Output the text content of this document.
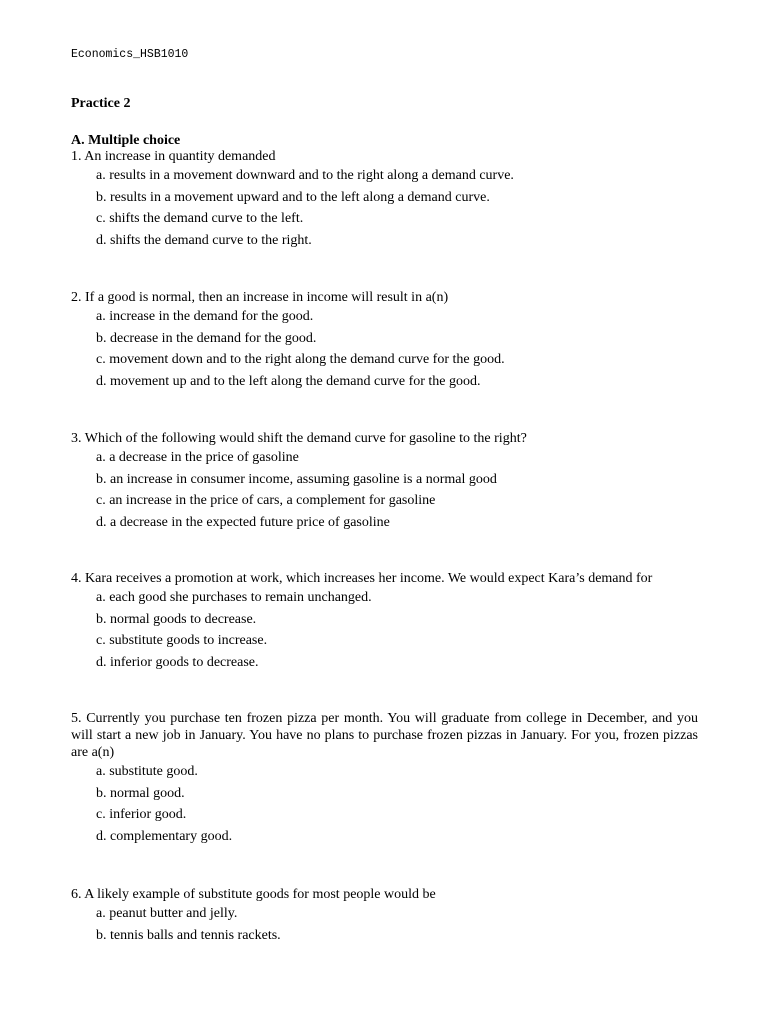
Economics_HSB1010
Practice 2
A. Multiple choice
1. An increase in quantity demanded
a. results in a movement downward and to the right along a demand curve.
b. results in a movement upward and to the left along a demand curve.
c. shifts the demand curve to the left.
d. shifts the demand curve to the right.
2. If a good is normal, then an increase in income will result in a(n)
a. increase in the demand for the good.
b. decrease in the demand for the good.
c. movement down and to the right along the demand curve for the good.
d. movement up and to the left along the demand curve for the good.
3. Which of the following would shift the demand curve for gasoline to the right?
a. a decrease in the price of gasoline
b. an increase in consumer income, assuming gasoline is a normal good
c. an increase in the price of cars, a complement for gasoline
d. a decrease in the expected future price of gasoline
4. Kara receives a promotion at work, which increases her income. We would expect Kara’s demand for
a. each good she purchases to remain unchanged.
b. normal goods to decrease.
c. substitute goods to increase.
d. inferior goods to decrease.
5. Currently you purchase ten frozen pizza per month. You will graduate from college in December, and you will start a new job in January. You have no plans to purchase frozen pizzas in January. For you, frozen pizzas are a(n)
a. substitute good.
b. normal good.
c. inferior good.
d. complementary good.
6. A likely example of substitute goods for most people would be
a. peanut butter and jelly.
b. tennis balls and tennis rackets.
